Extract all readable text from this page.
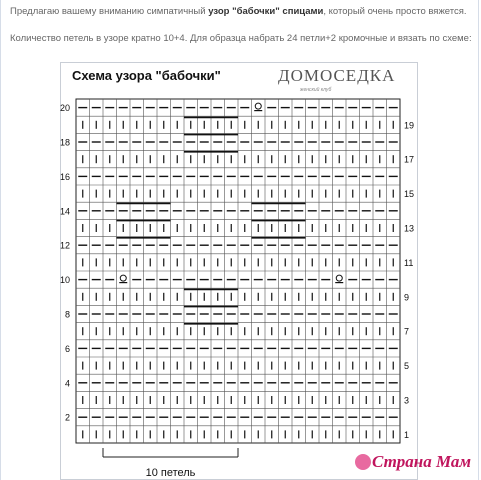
Предлагаю вашему вниманию симпатичный узор "бабочки" спицами, который очень просто вяжется.

Количество петель в узоре кратно 10+4. Для образца набрать 24 петли+2 кромочные и вязать по схеме:

Схема узора "бабочки"	ДОМОСЕДКА
женский клуб
20
18
16
14
12
10
8
6
4
2
19
17
15
13
11
9
7
5
3
1
10 петель
Страна Мам
